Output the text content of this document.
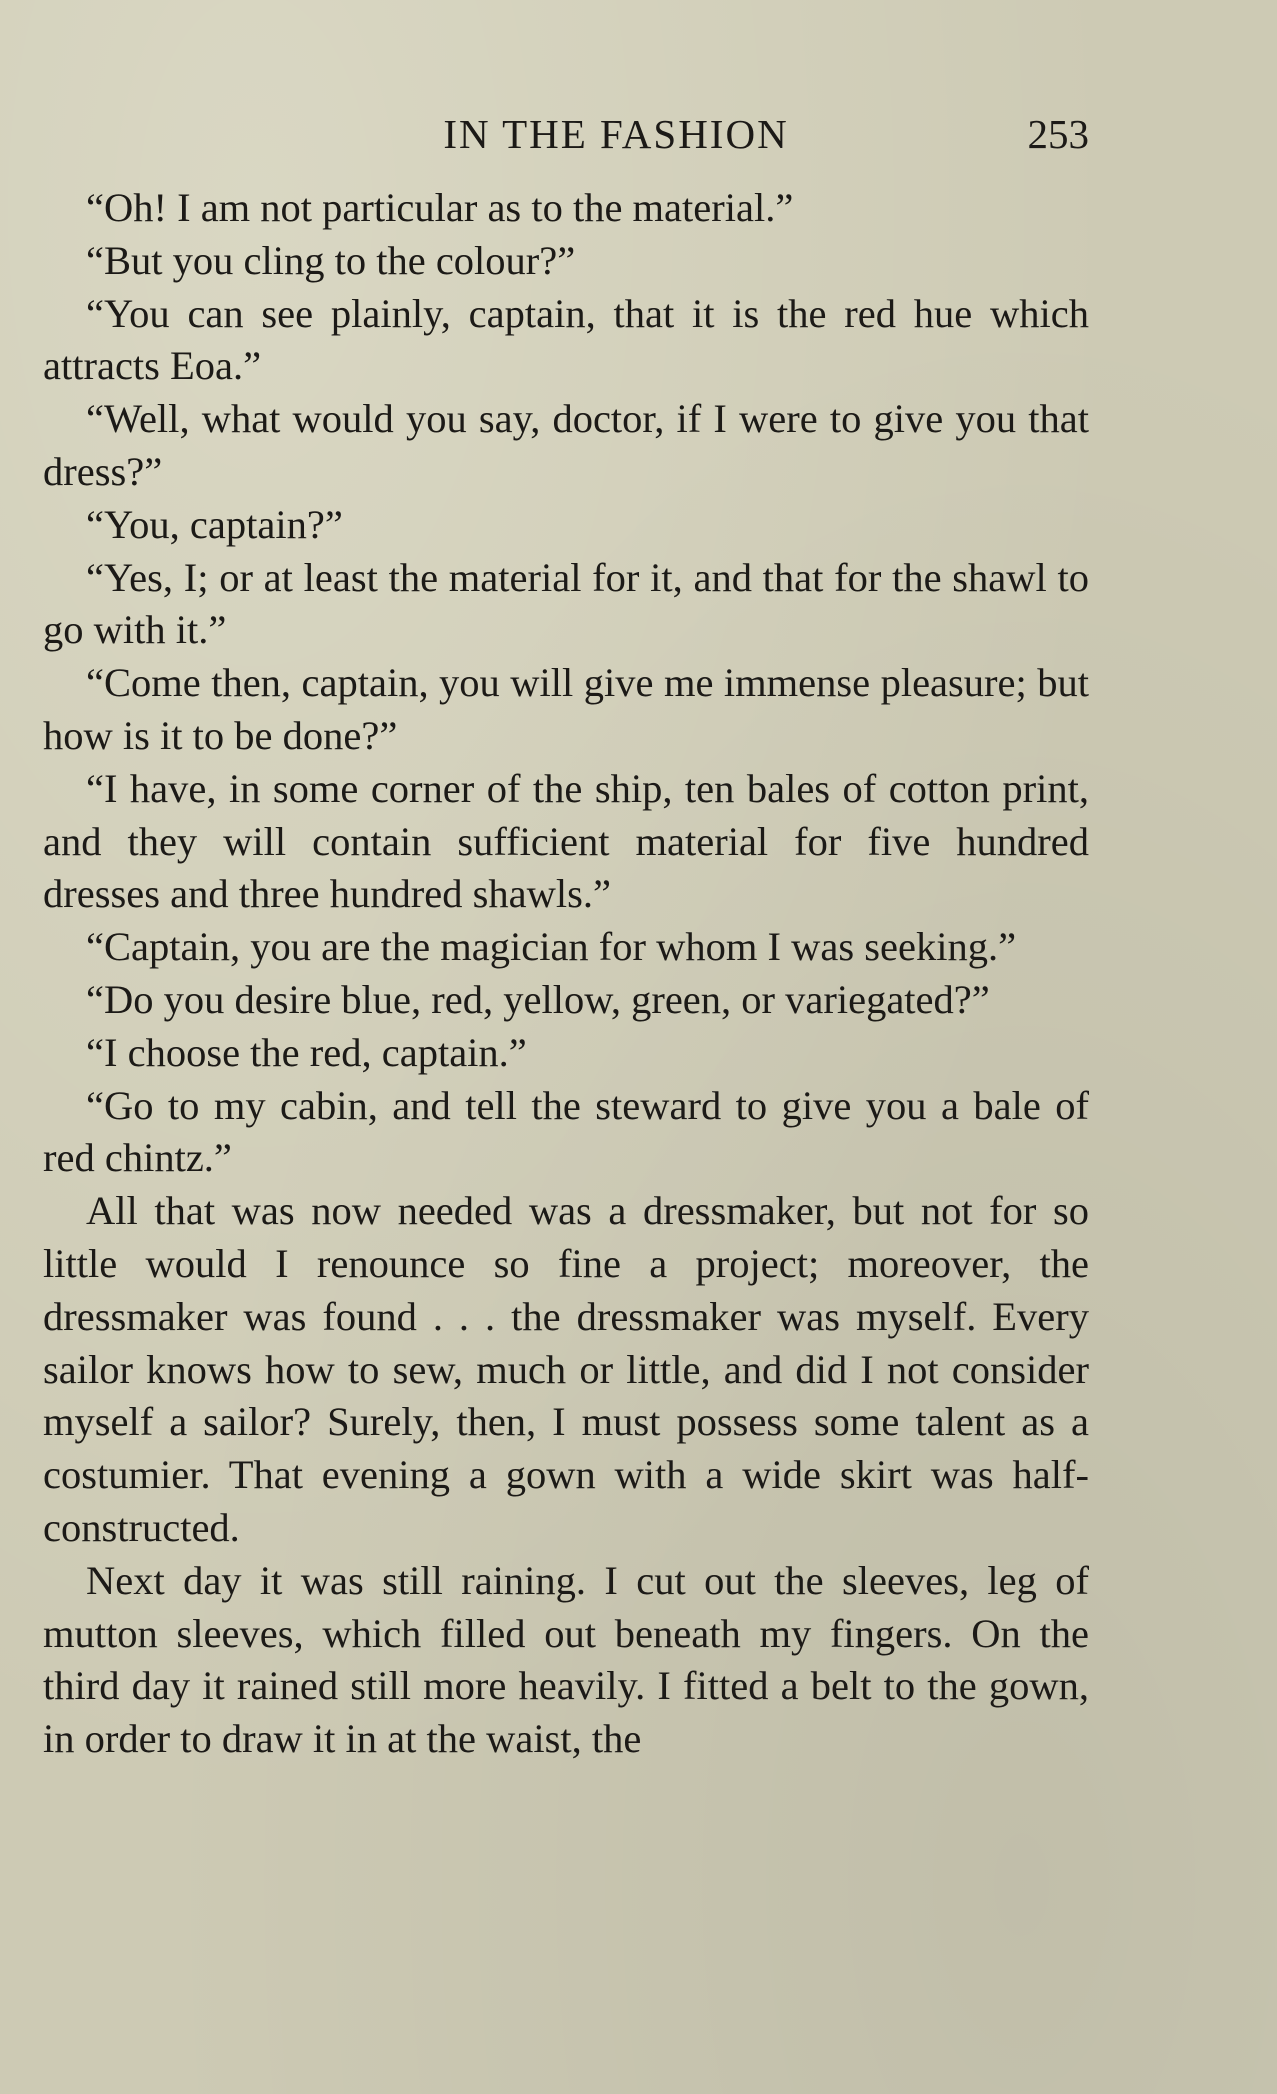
IN THE FASHION	253

“Oh! I am not particular as to the material.”

“But you cling to the colour?”

“You can see plainly, captain, that it is the red hue which attracts Eoa.”

“Well, what would you say, doctor, if I were to give you that dress?”

“You, captain?”

“Yes, I; or at least the material for it, and that for the shawl to go with it.”

“Come then, captain, you will give me immense pleasure; but how is it to be done?”

“I have, in some corner of the ship, ten bales of cotton print, and they will contain sufficient material for five hundred dresses and three hundred shawls.”

“Captain, you are the magician for whom I was seeking.”

“Do you desire blue, red, yellow, green, or variegated?”

“I choose the red, captain.”

“Go to my cabin, and tell the steward to give you a bale of red chintz.”

All that was now needed was a dressmaker, but not for so little would I renounce so fine a project; moreover, the dressmaker was found . . . the dressmaker was myself. Every sailor knows how to sew, much or little, and did I not consider myself a sailor? Surely, then, I must possess some talent as a costumier. That evening a gown with a wide skirt was half-constructed.

Next day it was still raining. I cut out the sleeves, leg of mutton sleeves, which filled out beneath my fingers. On the third day it rained still more heavily. I fitted a belt to the gown, in order to draw it in at the waist, the
